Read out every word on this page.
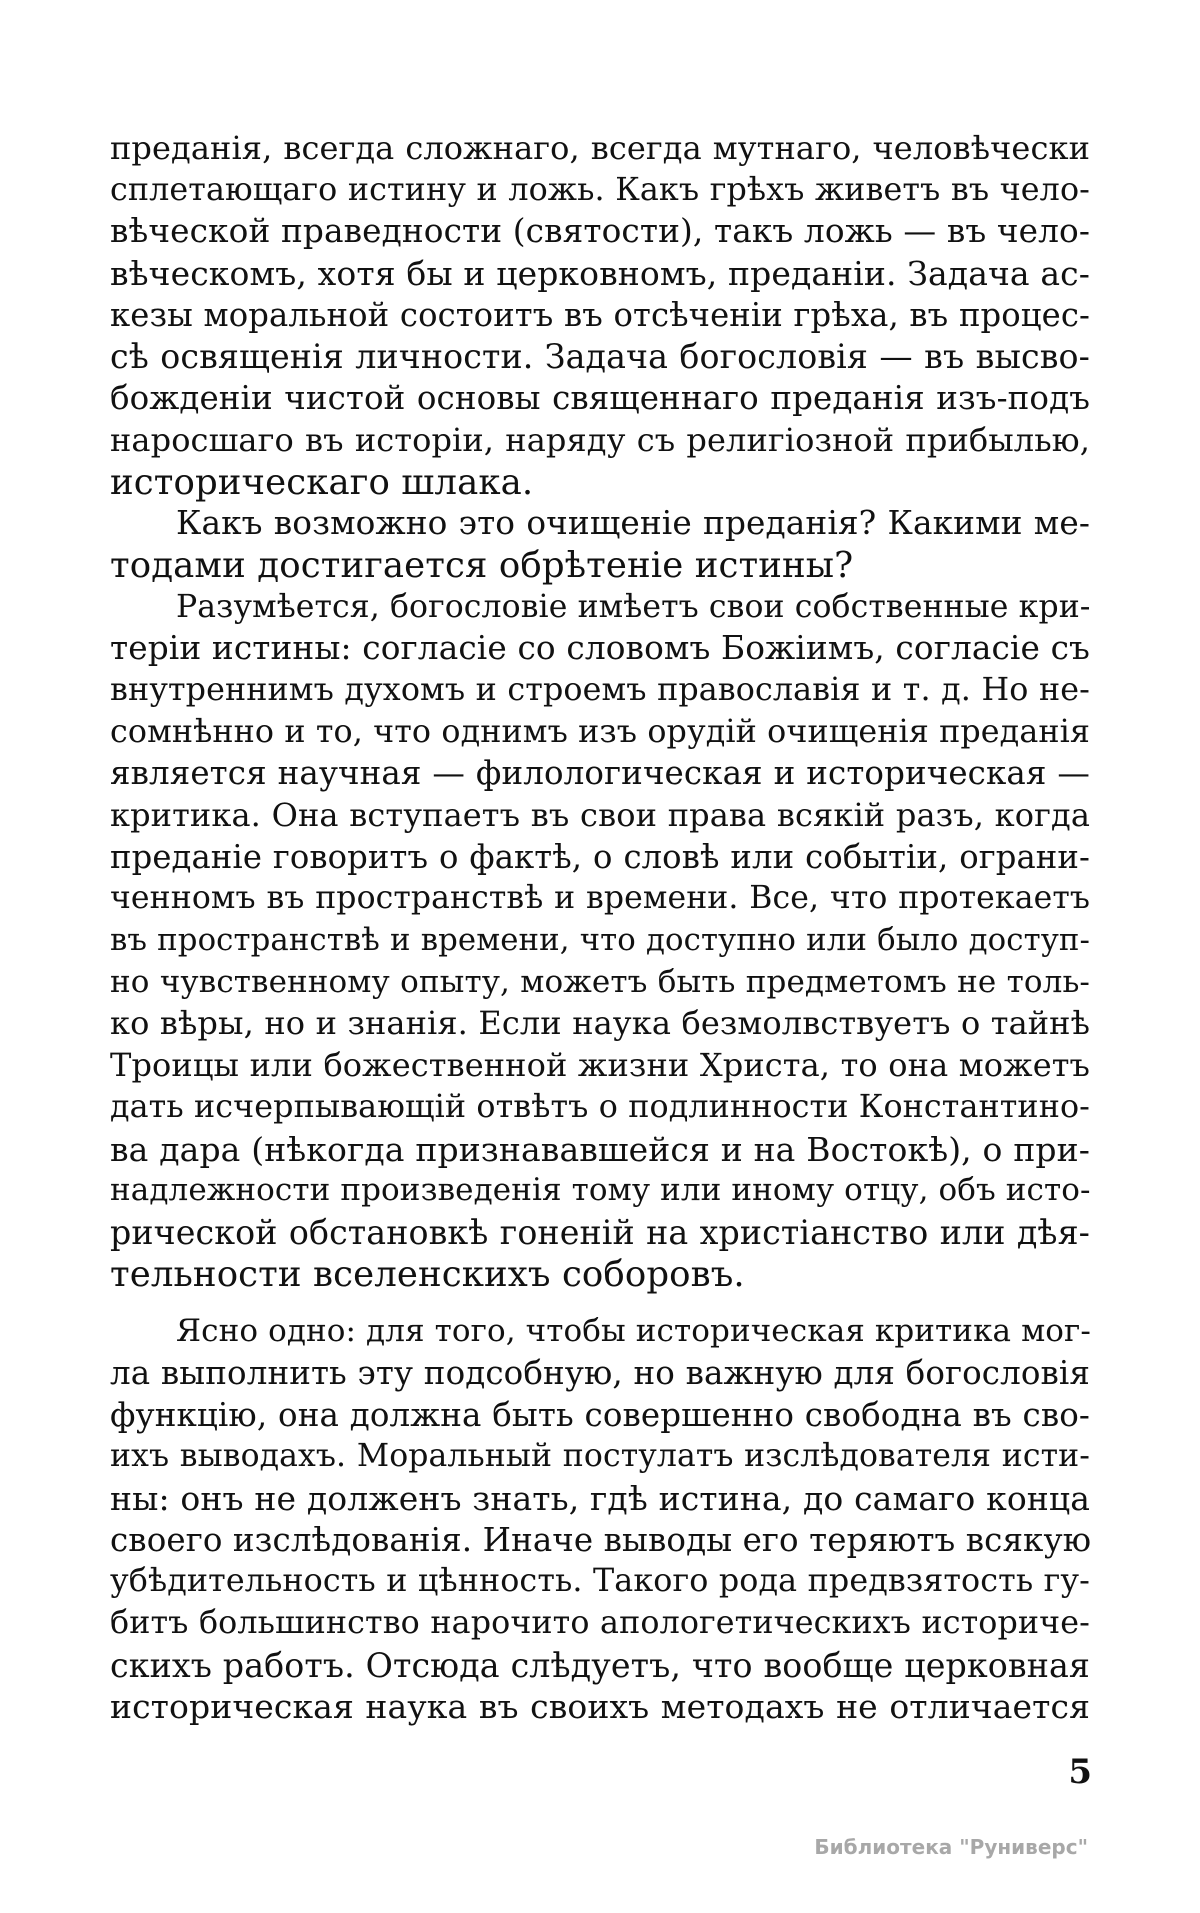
преданія, всегда сложнаго, всегда мутнаго, человѣчески
сплетающаго истину и ложь. Какъ грѣхъ живетъ въ чело-
вѣческой праведности (святости), такъ ложь — въ чело-
вѣческомъ, хотя бы и церковномъ, преданіи. Задача ас-
кезы моральной состоитъ въ отсѣченіи грѣха, въ процес-
сѣ освященія личности. Задача богословія — въ высво-
божденіи чистой основы священнаго преданія изъ-подъ
наросшаго въ исторіи, наряду съ религіозной прибылью,
историческаго шлака.
Какъ возможно это очищеніе преданія? Какими ме-
тодами достигается обрѣтеніе истины?
Разумѣется, богословіе имѣетъ свои собственные кри-
теріи истины: согласіе со словомъ Божіимъ, согласіе съ
внутреннимъ духомъ и строемъ православія и т. д. Но не-
сомнѣнно и то, что однимъ изъ орудій очищенія преданія
является научная — филологическая и историческая —
критика. Она вступаетъ въ свои права всякій разъ, когда
преданіе говоритъ о фактѣ, о словѣ или событіи, ограни-
ченномъ въ пространствѣ и времени. Все, что протекаетъ
въ пространствѣ и времени, что доступно или было доступ-
но чувственному опыту, можетъ быть предметомъ не толь-
ко вѣры, но и знанія. Если наука безмолвствуетъ о тайнѣ
Троицы или божественной жизни Христа, то она можетъ
дать исчерпывающій отвѣтъ о подлинности Константино-
ва дара (нѣкогда признававшейся и на Востокѣ), о при-
надлежности произведенія тому или иному отцу, объ исто-
рической обстановкѣ гоненій на христіанство или дѣя-
тельности вселенскихъ соборовъ.
Ясно одно: для того, чтобы историческая критика мог-
ла выполнить эту подсобную, но важную для богословія
функцію, она должна быть совершенно свободна въ сво-
ихъ выводахъ. Моральный постулатъ изслѣдователя исти-
ны: онъ не долженъ знать, гдѣ истина, до самаго конца
своего изслѣдованія. Иначе выводы его теряютъ всякую
убѣдительность и цѣнность. Такого рода предвзятость гу-
битъ большинство нарочито апологетическихъ историче-
скихъ работъ. Отсюда слѣдуетъ, что вообще церковная
историческая наука въ своихъ методахъ не отличается
5
Библиотека "Руниверс"
